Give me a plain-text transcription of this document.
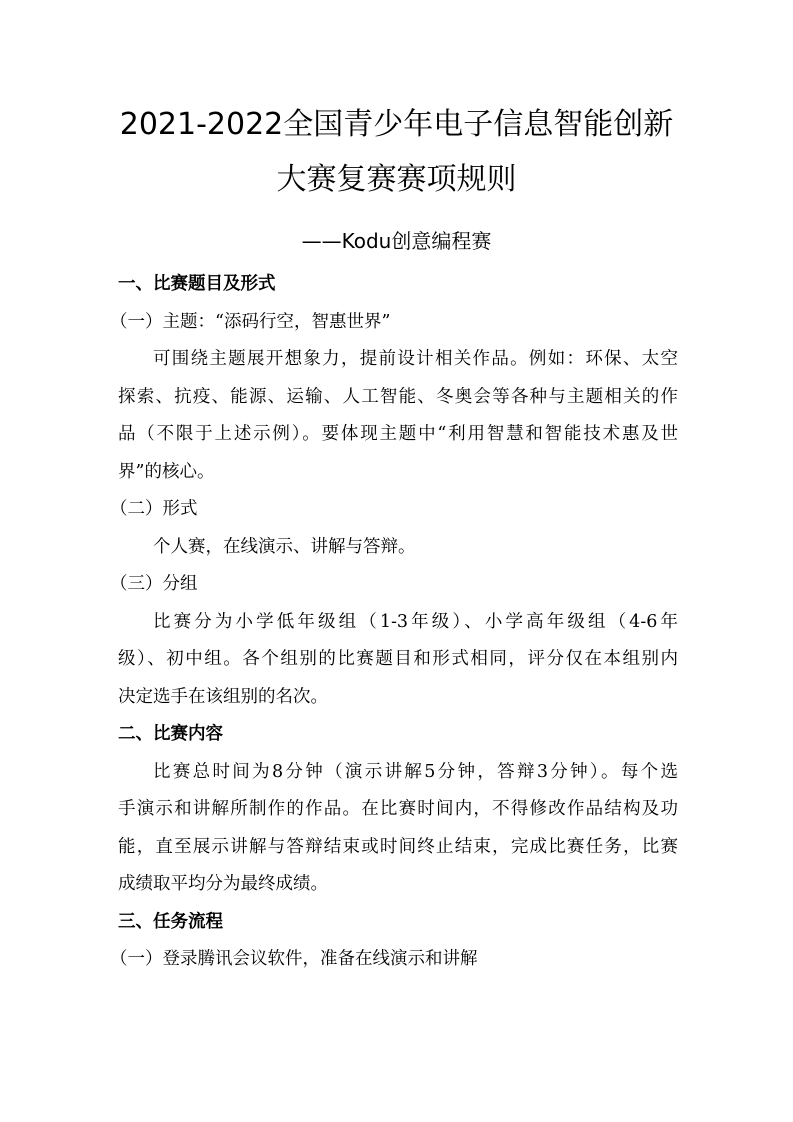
2021-2022全国青少年电子信息智能创新
大赛复赛赛项规则
——Kodu创意编程赛
一、比赛题目及形式
（一）主题：“添码行空，智惠世界”
可围绕主题展开想象力，提前设计相关作品。例如：环保、太空
探索、抗疫、能源、运输、人工智能、冬奥会等各种与主题相关的作
品（不限于上述示例）。要体现主题中“利用智慧和智能技术惠及世
界”的核心。
（二）形式
个人赛，在线演示、讲解与答辩。
（三）分组
比赛分为小学低年级组（1-3年级）、小学高年级组（4-6年
级）、初中组。各个组别的比赛题目和形式相同，评分仅在本组别内
决定选手在该组别的名次。
二、比赛内容
比赛总时间为8分钟（演示讲解5分钟，答辩3分钟）。每个选
手演示和讲解所制作的作品。在比赛时间内，不得修改作品结构及功
能，直至展示讲解与答辩结束或时间终止结束，完成比赛任务，比赛
成绩取平均分为最终成绩。
三、任务流程
（一）登录腾讯会议软件，准备在线演示和讲解
